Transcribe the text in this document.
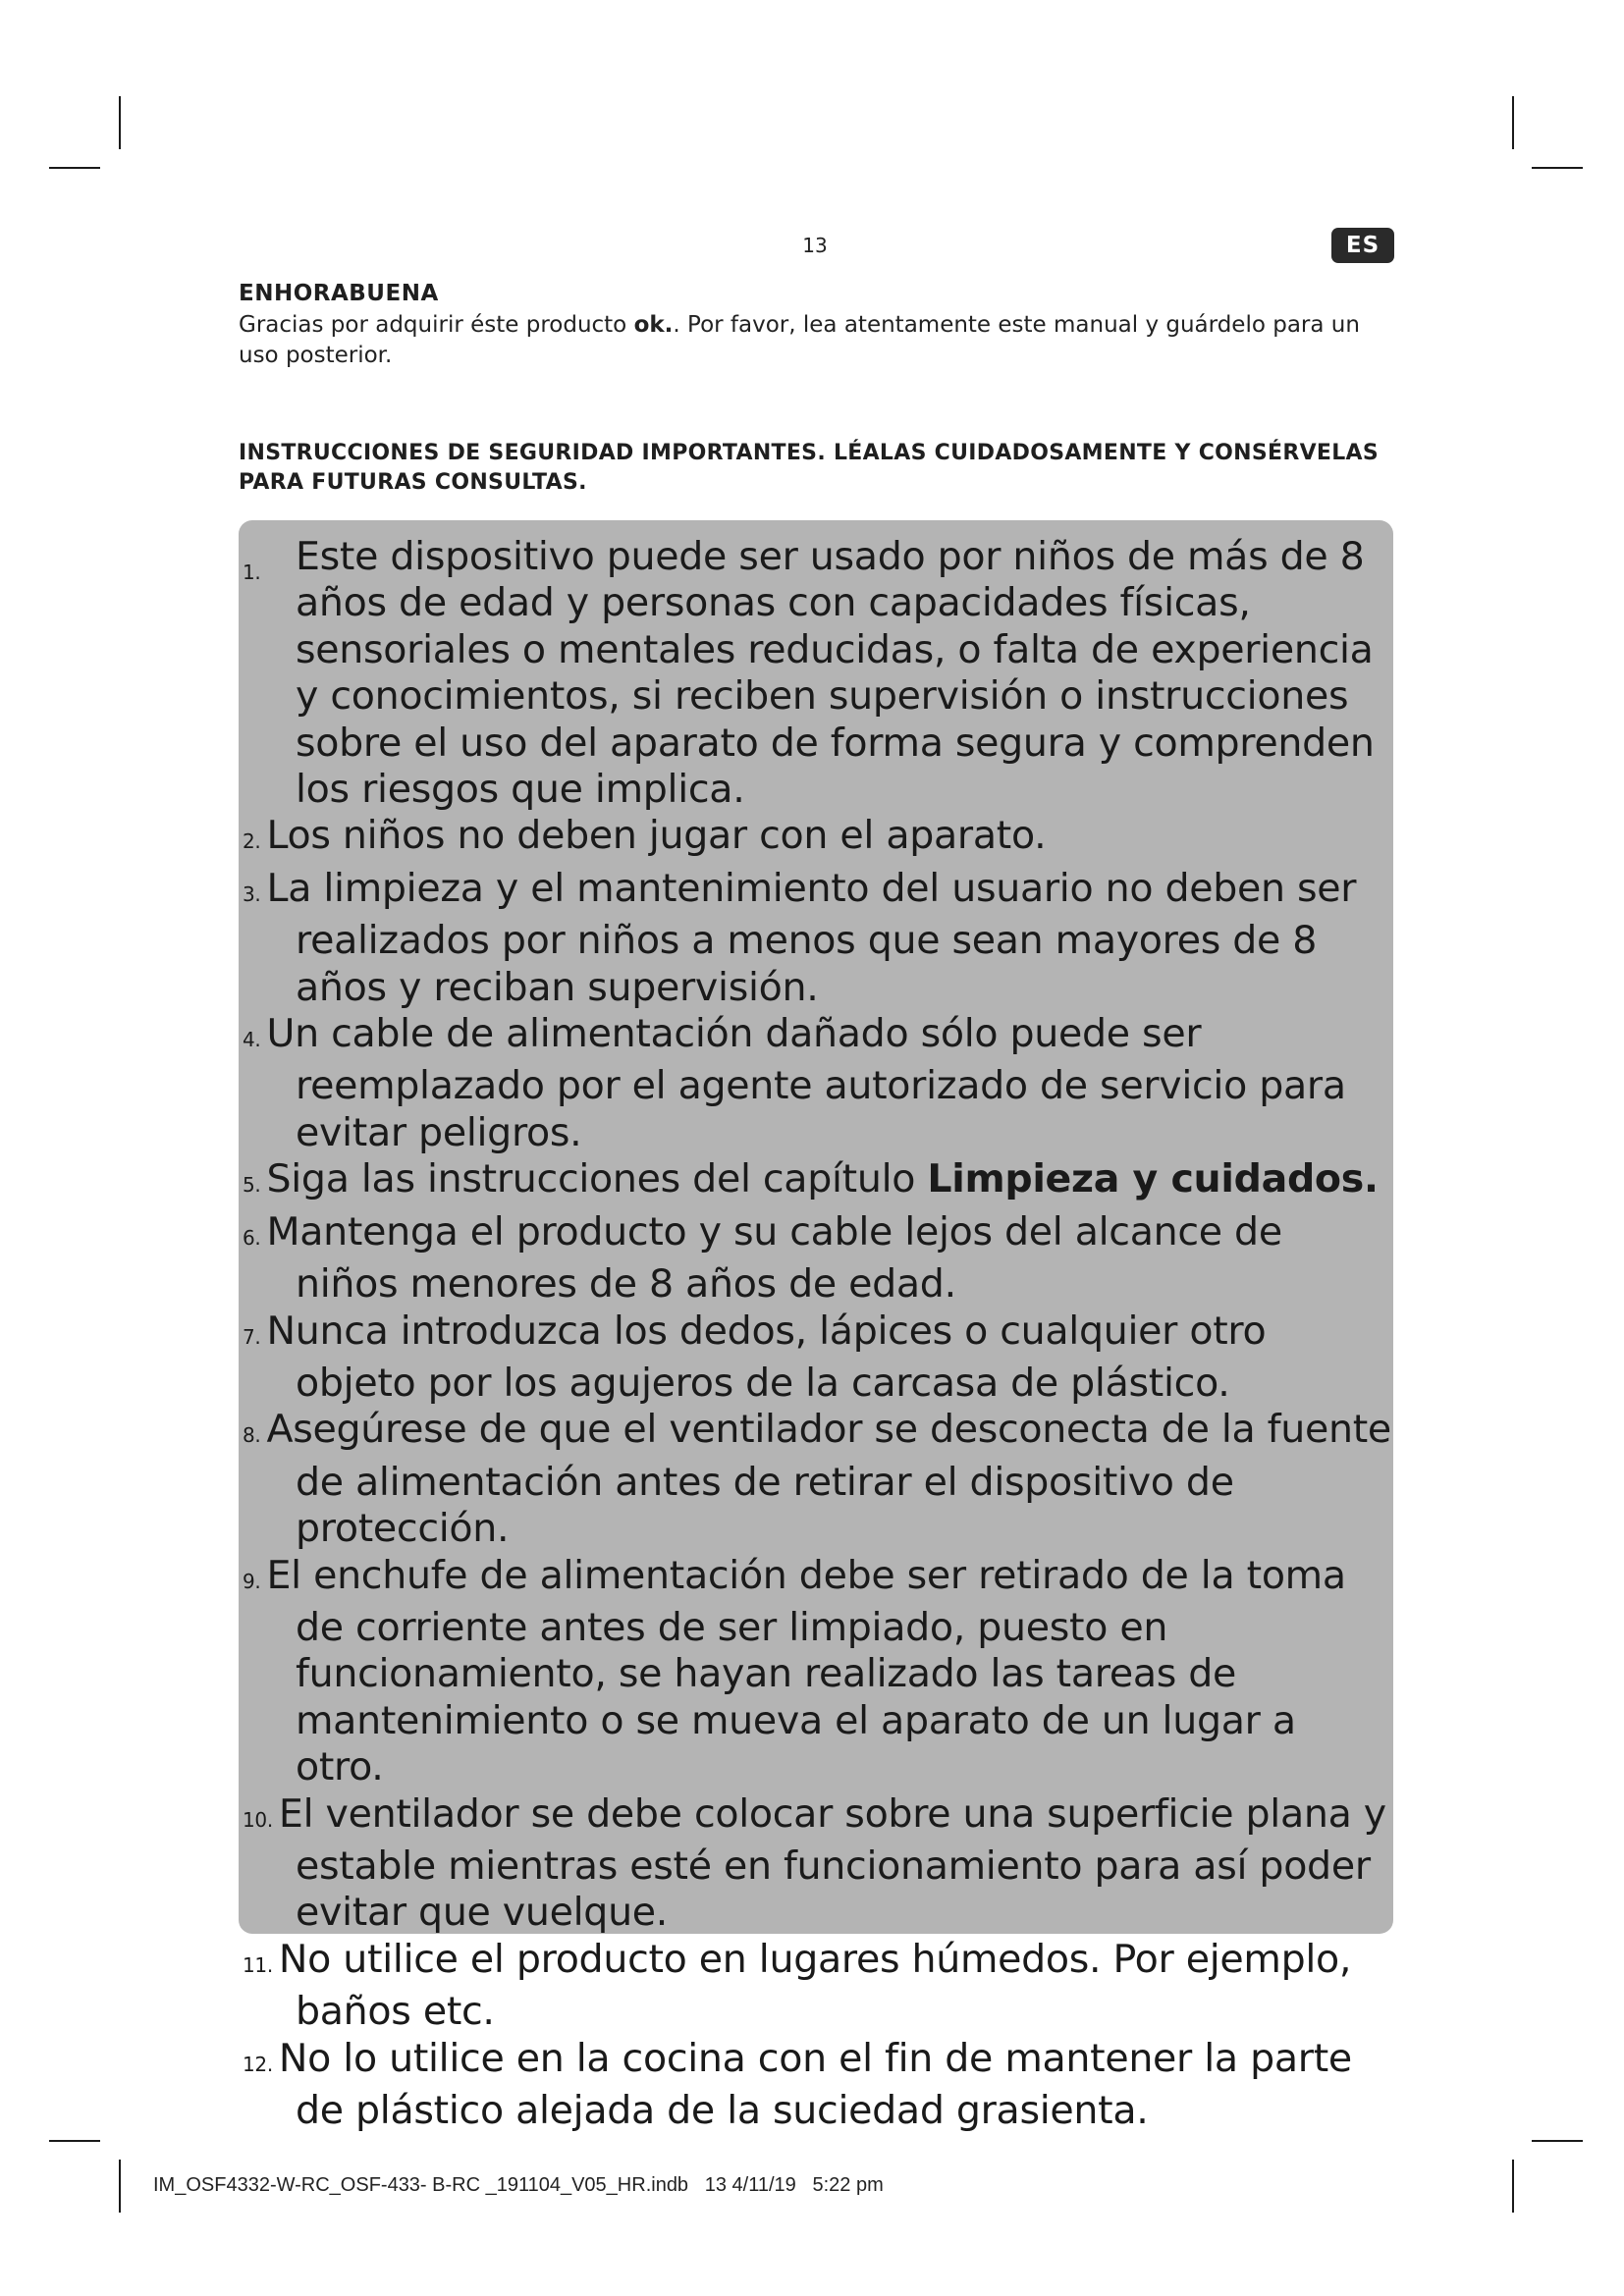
13	ES
ENHORABUENA
Gracias por adquirir éste producto ok.. Por favor, lea atentamente este manual y guárdelo para un uso posterior.
INSTRUCCIONES DE SEGURIDAD IMPORTANTES. LÉALAS CUIDADOSAMENTE Y CONSÉRVELAS PARA FUTURAS CONSULTAS.
1. Este dispositivo puede ser usado por niños de más de 8 años de edad y personas con capacidades físicas, sensoriales o mentales reducidas, o falta de experiencia y conocimientos, si reciben supervisión o instrucciones sobre el uso del aparato de forma segura y comprenden los riesgos que implica.
2. Los niños no deben jugar con el aparato.
3. La limpieza y el mantenimiento del usuario no deben ser realizados por niños a menos que sean mayores de 8 años y reciban supervisión.
4. Un cable de alimentación dañado sólo puede ser reemplazado por el agente autorizado de servicio para evitar peligros.
5. Siga las instrucciones del capítulo Limpieza y cuidados.
6. Mantenga el producto y su cable lejos del alcance de niños menores de 8 años de edad.
7. Nunca introduzca los dedos, lápices o cualquier otro objeto por los agujeros de la carcasa de plástico.
8. Asegúrese de que el ventilador se desconecta de la fuente de alimentación antes de retirar el dispositivo de protección.
9. El enchufe de alimentación debe ser retirado de la toma de corriente antes de ser limpiado, puesto en funcionamiento, se hayan realizado las tareas de mantenimiento o se mueva el aparato de un lugar a otro.
10. El ventilador se debe colocar sobre una superficie plana y estable mientras esté en funcionamiento para así poder evitar que vuelque.
11. No utilice el producto en lugares húmedos. Por ejemplo, baños etc.
12. No lo utilice en la cocina con el fin de mantener la parte de plástico alejada de la suciedad grasienta.
IM_OSF4332-W-RC_OSF-433- B-RC _191104_V05_HR.indb   13 4/11/19   5:22 pm
